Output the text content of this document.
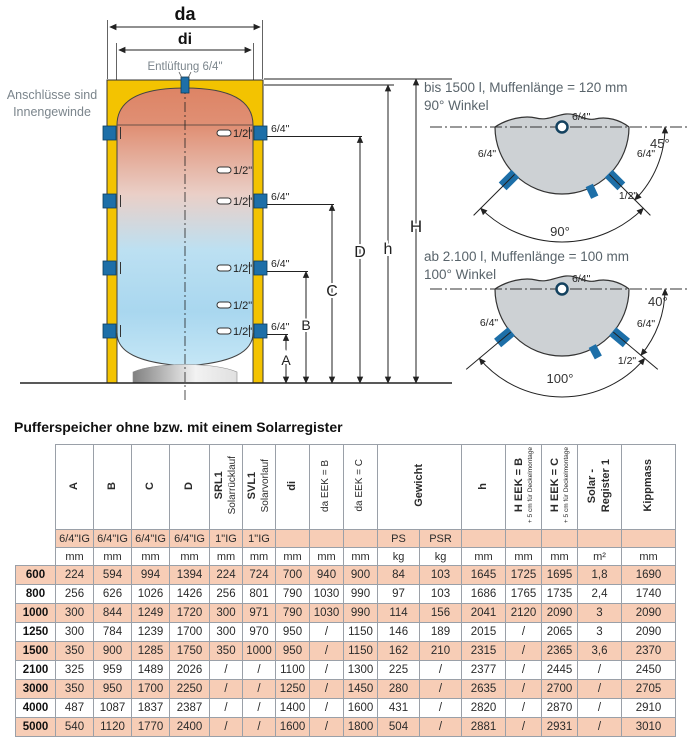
1/2"
1/2"
1/2"
1/2"
1/2"
1/2"
6/4"
6/4"
6/4"
6/4"
A
B
C
D h
H
da
di
Entlüftung 6/4"
Anschlüsse sind
Innengewinde
bis 1500 l, Muffenlänge = 120 mm
90° Winkel
6/4"
6/4"	6/4"
1/2"
45°
90°
ab 2.100 l, Muffenlänge = 100 mm
100° Winkel	6/4"
6/4"	6/4"
1/2"
40°
100°
Pufferspeicher ohne bzw. mit einem Solarregister

	A	B	C	D	SRL1 Solarrücklauf	SVL1 Solarvorlauf	di	da EEK = B	da EEK = C	Gewicht		h	H EEK = B + 5 cm für Deckelmontage	H EEK = C + 5 cm für Deckelmontage	Solar - Register 1	Kippmass

	6/4"IG	6/4"IG	6/4"IG	6/4"IG	1"IG	1"IG				PS	PSR					
	mm	mm	mm	mm	mm	mm	mm	mm	mm	kg	kg	mm	mm	mm	m²	mm
600	224	594	994	1394	224	724	700	940	900	84	103	1645	1725	1695	1,8	1690
800	256	626	1026	1426	256	801	790	1030	990	97	103	1686	1765	1735	2,4	1740
1000	300	844	1249	1720	300	971	790	1030	990	114	156	2041	2120	2090	3	2090
1250	300	784	1239	1700	300	970	950	/	1150	146	189	2015	/	2065	3	2090
1500	350	900	1285	1750	350	1000	950	/	1150	162	210	2315	/	2365	3,6	2370
2100	325	959	1489	2026	/	/	1100	/	1300	225	/	2377	/	2445	/	2450
3000	350	950	1700	2250	/	/	1250	/	1450	280	/	2635	/	2700	/	2705
4000	487	1087	1837	2387	/	/	1400	/	1600	431	/	2820	/	2870	/	2910
5000	540	1120	1770	2400	/	/	1600	/	1800	504	/	2881	/	2931	/	3010
